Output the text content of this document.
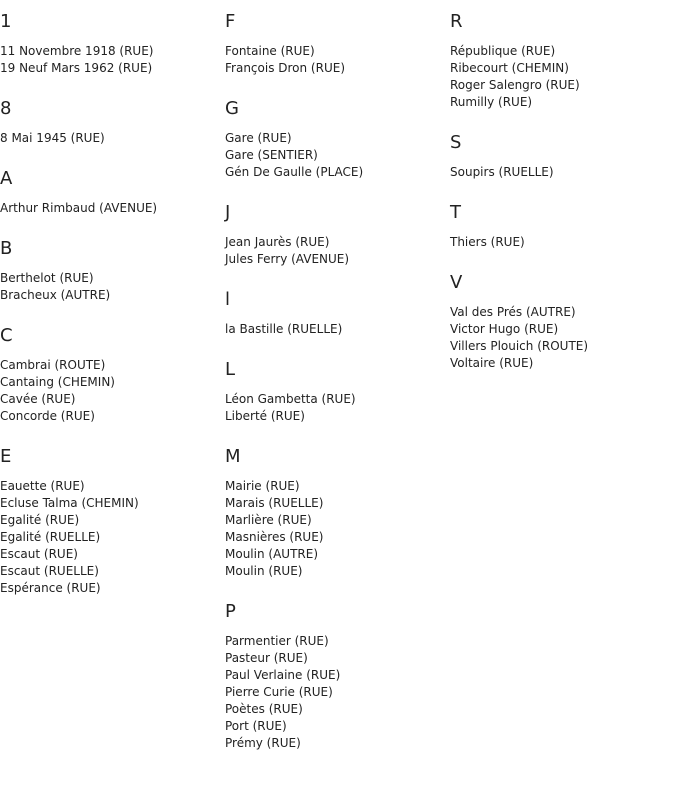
1
11 Novembre 1918 (RUE)
19 Neuf Mars 1962 (RUE)
8
8 Mai 1945 (RUE)
A
Arthur Rimbaud (AVENUE)
B
Berthelot (RUE)
Bracheux (AUTRE)
C
Cambrai (ROUTE)
Cantaing (CHEMIN)
Cavée (RUE)
Concorde (RUE)
E
Eauette (RUE)
Ecluse Talma (CHEMIN)
Egalité (RUE)
Egalité (RUELLE)
Escaut (RUE)
Escaut (RUELLE)
Espérance (RUE)
F
Fontaine (RUE)
François Dron (RUE)
G
Gare (RUE)
Gare (SENTIER)
Gén De Gaulle (PLACE)
J
Jean Jaurès (RUE)
Jules Ferry (AVENUE)
l
la Bastille (RUELLE)
L
Léon Gambetta (RUE)
Liberté (RUE)
M
Mairie (RUE)
Marais (RUELLE)
Marlière (RUE)
Masnières (RUE)
Moulin (AUTRE)
Moulin (RUE)
P
Parmentier (RUE)
Pasteur (RUE)
Paul Verlaine (RUE)
Pierre Curie (RUE)
Poètes (RUE)
Port (RUE)
Prémy (RUE)
R
République (RUE)
Ribecourt (CHEMIN)
Roger Salengro (RUE)
Rumilly (RUE)
S
Soupirs (RUELLE)
T
Thiers (RUE)
V
Val des Prés (AUTRE)
Victor Hugo (RUE)
Villers Plouich (ROUTE)
Voltaire (RUE)
